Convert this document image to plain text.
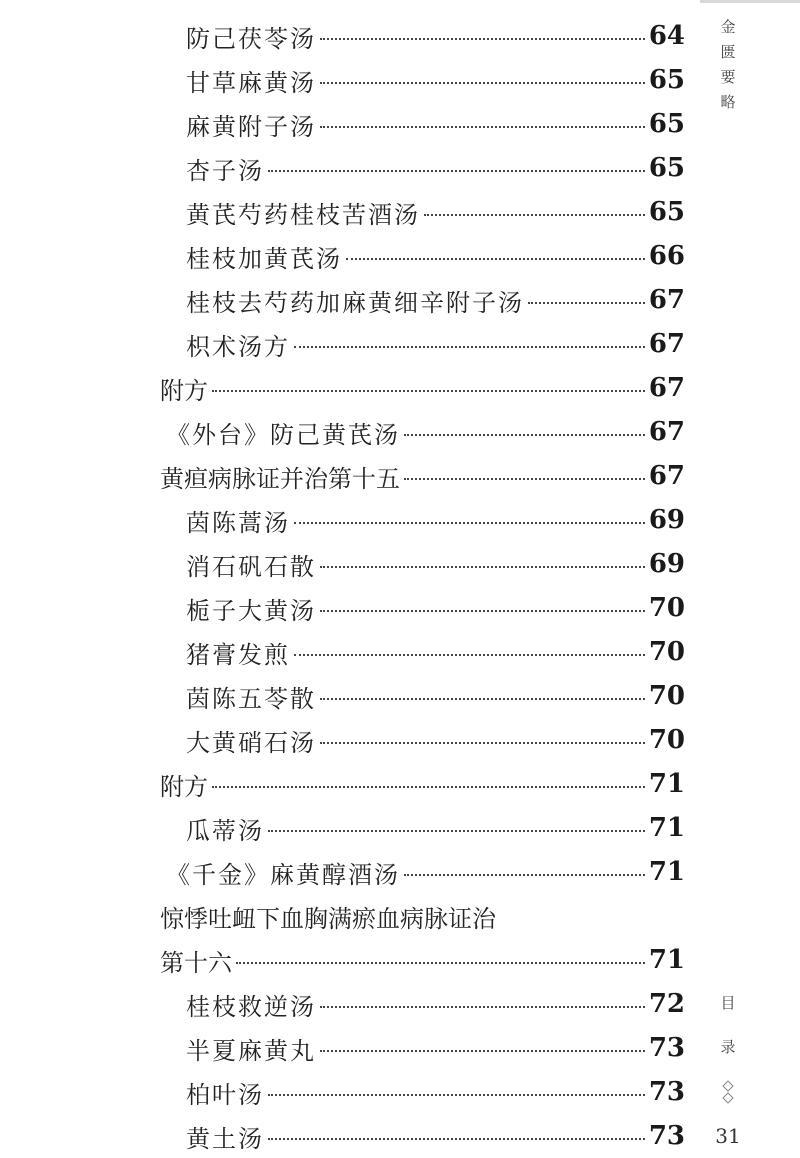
防己茯苓汤	64
甘草麻黄汤	65
麻黄附子汤	65
杏子汤	65
黄芪芍药桂枝苦酒汤	65
桂枝加黄芪汤	66
桂枝去芍药加麻黄细辛附子汤	67
枳术汤方	67
附方	67
《外台》防己黄芪汤	67
黄疸病脉证并治第十五	67
茵陈蒿汤	69
消石矾石散	69
栀子大黄汤	70
猪膏发煎	70
茵陈五苓散	70
大黄硝石汤	70
附方	71
瓜蒂汤	71
《千金》麻黄醇酒汤	71
惊悸吐衄下血胸满瘀血病脉证治
第十六	71
桂枝救逆汤	72
半夏麻黄丸	73
柏叶汤	73
黄土汤	73
金
匮
要
略
目
录
31
